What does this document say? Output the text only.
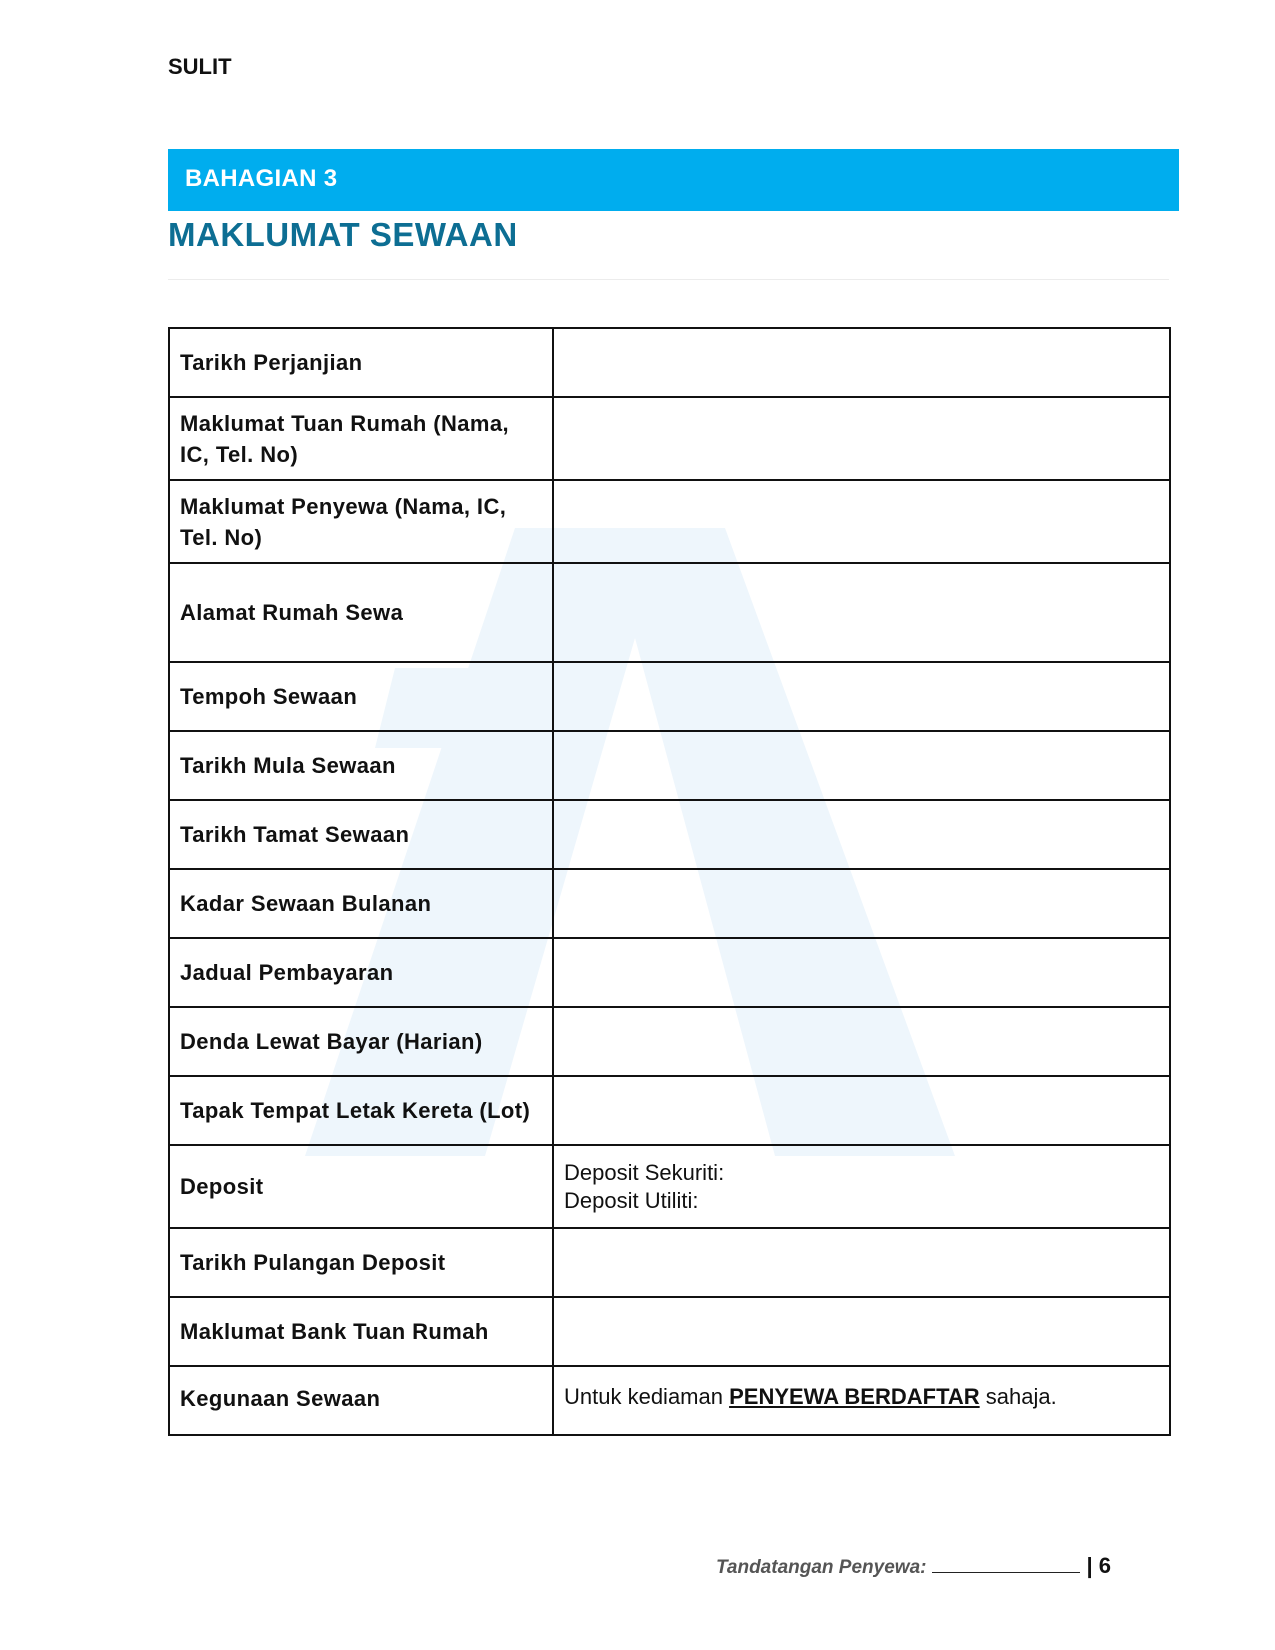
SULIT
BAHAGIAN 3
MAKLUMAT SEWAAN
Tarikh Perjanjian	
Maklumat Tuan Rumah (Nama, IC, Tel. No)	
Maklumat Penyewa (Nama, IC, Tel. No)	
Alamat Rumah Sewa	
Tempoh Sewaan	
Tarikh Mula Sewaan	
Tarikh Tamat Sewaan	
Kadar Sewaan Bulanan	
Jadual Pembayaran	
Denda Lewat Bayar (Harian)	
Tapak Tempat Letak Kereta (Lot)	
Deposit	Deposit Sekuriti:
Deposit Utiliti:

Tarikh Pulangan Deposit	
Maklumat Bank Tuan Rumah	
Kegunaan Sewaan	Untuk kediaman PENYEWA BERDAFTAR sahaja.
Tandatangan Penyewa:	| 6
